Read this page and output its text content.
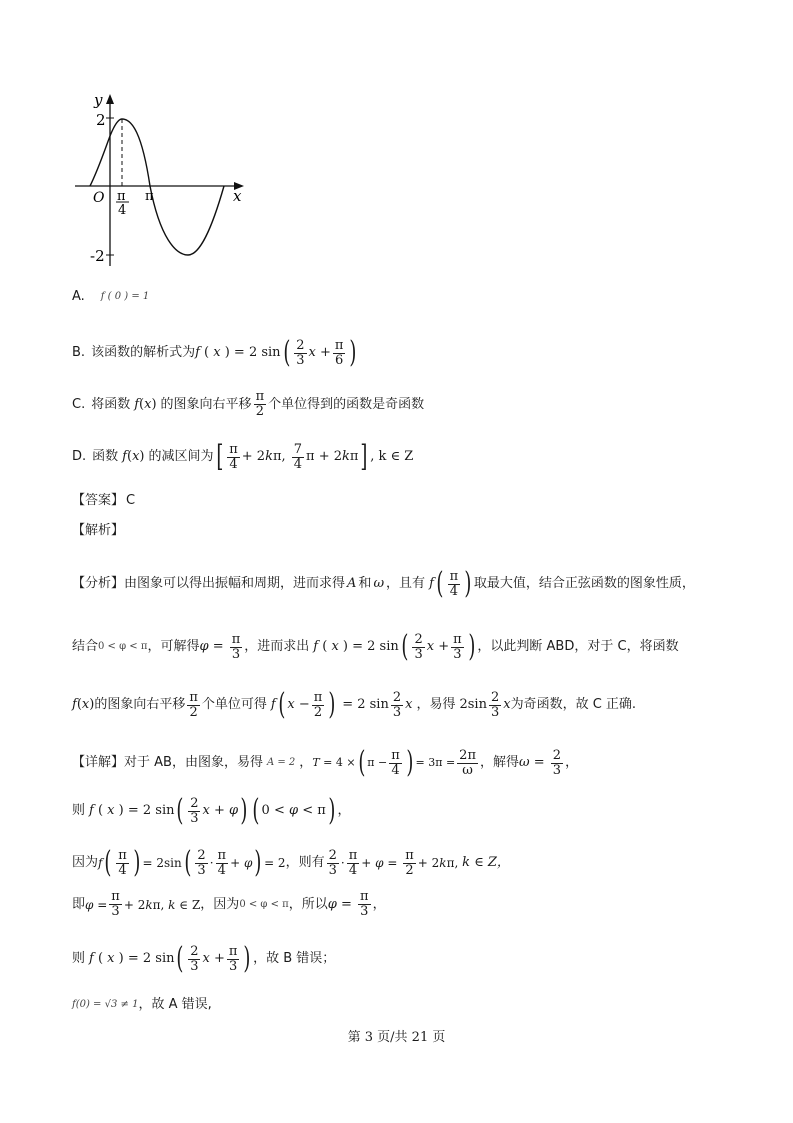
y
x
O
2
-2
π
4
π
A. f ( 0 ) = 1
B. 该函数的解析式为 f ( x ) = 2 sin ( $\frac{2}{3}$ $x + \frac{\pi}{6}$ )
C. 将函数 f(x) 的图象向右平移 $\frac{\pi}{2}$ 个单位得到的函数是奇函数
D. 函数 f(x) 的减区间为 [ $\frac{\pi}{4} + 2$ k π, $\frac{7}{4}$ π + 2 k π ] , k ∈ Z
【答案】 C
【解析】
【分析】 由图象可以得出振幅和周期，进而求得 A 和 ω ，且有 f ( $\frac{\pi}{4}$ ) 取最大值，结合正弦函数的图象性质，
结合 0 < φ < π ，可解得 $\varphi = \frac{\pi}{3}$ ，进而求出 f ( x ) = 2 sin ( $\frac{2}{3}$ $x + \frac{\pi}{3}$ ) ，以此判断 ABD，对于 C，将函数
f(x) 的图象向右平移 $\frac{\pi}{2}$ 个单位可得 f ( $x - \frac{\pi}{2}$ ) = 2 $\sin \frac{2}{3}$ x ，易得 $2\sin \frac{2}{3}$ x 为奇函数，故 C 正确.
【详解】 对于 AB，由图象，易得 A = 2 ， T = 4 × ( $\pi - \frac{\pi}{4}$ ) = $3\pi = \frac{2\pi}{\omega}$ ，解得 $\omega = \frac{2}{3}$ ，
则 f ( x ) = 2 sin ( $\frac{2}{3}$ x + φ ) ( 0 < φ < π ) ，
因为 f ( $\frac{\pi}{4}$ ) = 2sin ( $\frac{2}{3} \cdot \frac{\pi}{4} + \varphi$ ) = 2 ，则有 $\frac{2}{3} \cdot \frac{\pi}{4} + \varphi = \frac{\pi}{2} + 2$ k π, k ∈ Z，
即 $\varphi = \frac{\pi}{3} + 2$ k π, k ∈ Z ，因为 0 < φ < π ，所以 $\varphi = \frac{\pi}{3}$ ，
则 f ( x ) = 2 sin ( $\frac{2}{3}$ $x + \frac{\pi}{3}$ ) ，故 B 错误；
f(0) = √3 ≠ 1 ，故 A 错误,
第 3 页/共 21 页
